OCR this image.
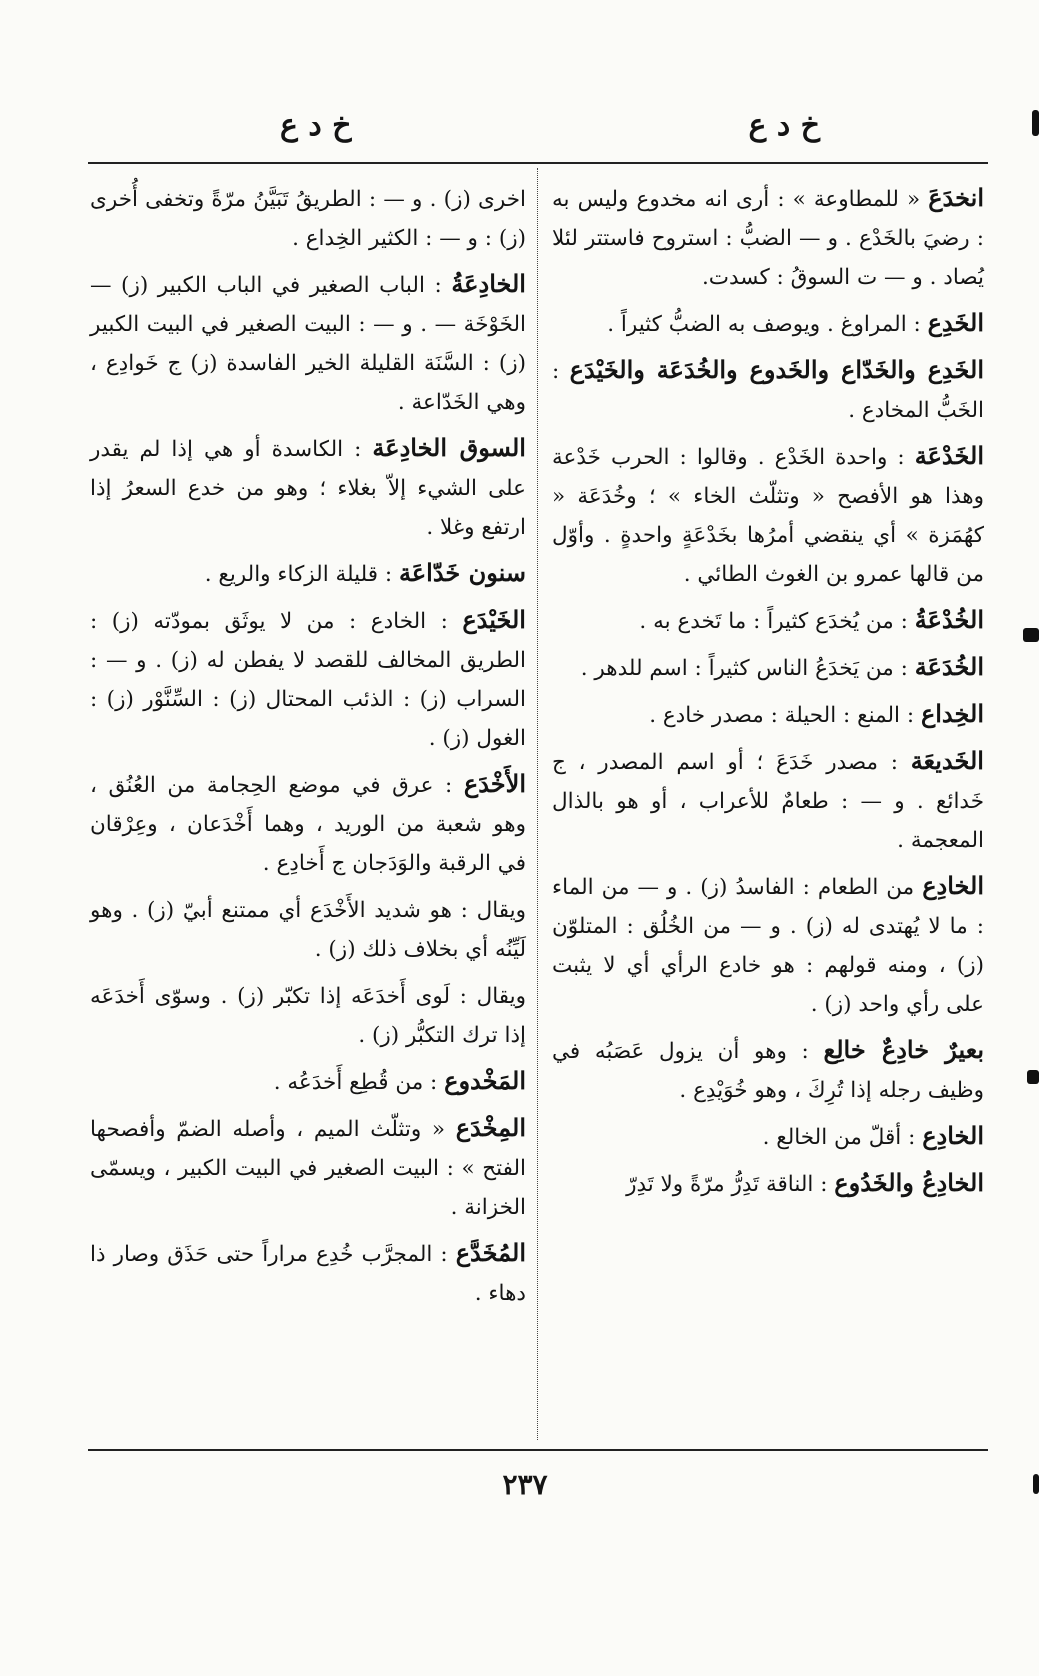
خ د ع
خ د ع

انخدَعَ « للمطاوعة » : أرى انه مخدوع وليس به : رضيَ بالخَدْع . و — الضبُّ : استروح فاستتر لئلا يُصاد . و — ت السوقُ : كسدت.

الخَدِع : المراوغ . ويوصف به الضبُّ كثيراً .

الخَدِع والخَدّاع والخَدوع والخُدَعَة والخَيْدَع : الخَبُّ المخادع .

الخَدْعَة : واحدة الخَدْع . وقالوا : الحرب خَدْعة وهذا هو الأفصح « وتثلّث الخاء » ؛ وخُدَعَة « كهُمَزة » أي ينقضي أمرُها بخَدْعَةٍ واحدةٍ . وأوّل من قالها عمرو بن الغوث الطائي .

الخُدْعَةُ : من يُخدَع كثيراً : ما تَخدع به .

الخُدَعَة : من يَخدَعُ الناس كثيراً : اسم للدهر .

الخِداع : المنع : الحيلة : مصدر خادع .

الخَديعَة : مصدر خَدَعَ ؛ أو اسم المصدر ، ج خَدائع . و — : طعامٌ للأعراب ، أو هو بالذال المعجمة .

الخادِع من الطعام : الفاسدُ (ز) . و — من الماء : ما لا يُهتدى له (ز) . و — من الخُلُق : المتلوّن (ز) ، ومنه قولهم : هو خادع الرأي أي لا يثبت على رأي واحد (ز) .

بعيرٌ خادِعٌ خالِع : وهو أن يزول عَصَبُه في وظيف رجله إذا تُرِكَ ، وهو خُوَيْدِع .

الخادِع : أقلّ من الخالع .

الخادِعُ والخَدُوع : الناقة تَدِرُّ مرّةً ولا تَدِرّ

اخرى (ز) . و — : الطريقُ تَبَيَّنُ مرّةً وتخفى أُخرى (ز) : و — : الكثير الخِداع .

الخادِعَةُ : الباب الصغير في الباب الكبير (ز) — الخَوْخَة — . و — : البيت الصغير في البيت الكبير (ز) : السَّنَة القليلة الخير الفاسدة (ز) ج خَوادِع ، وهي الخَدّاعة .

السوق الخادِعَة : الكاسدة أو هي إذا لم يقدر على الشيء إلاّ بغلاء ؛ وهو من خدع السعرُ إذا ارتفع وغلا .

سنون خَدّاعَة : قليلة الزكاء والريع .

الخَيْدَع : الخادع : من لا يوثَق بمودّته (ز) : الطريق المخالف للقصد لا يفطن له (ز) . و — : السراب (ز) : الذئب المحتال (ز) : السِّنَّوْر (ز) : الغول (ز) .

الأَخْدَع : عرق في موضع الحِجامة من العُنُق ، وهو شعبة من الوريد ، وهما أَخْدَعان ، وعِرْقان في الرقبة والوَدَجان ج أَخادِع .

ويقال : هو شديد الأَخْدَع أي ممتنع أبيّ (ز) . وهو لَيِّنُه أي بخلاف ذلك (ز) .

ويقال : لَوى أَخدَعَه إذا تكبّر (ز) . وسوّى أَخدَعَه إذا ترك التكبُّر (ز) .

المَخْدوع : من قُطِع أَخدَعُه .

المِخْدَع « وتثلّث الميم ، وأصله الضمّ وأفصحها الفتح » : البيت الصغير في البيت الكبير ، ويسمّى الخزانة .

المُخَدَّع : المجرَّب خُدِع مراراً حتى حَذَق وصار ذا دهاء .

٢٣٧
